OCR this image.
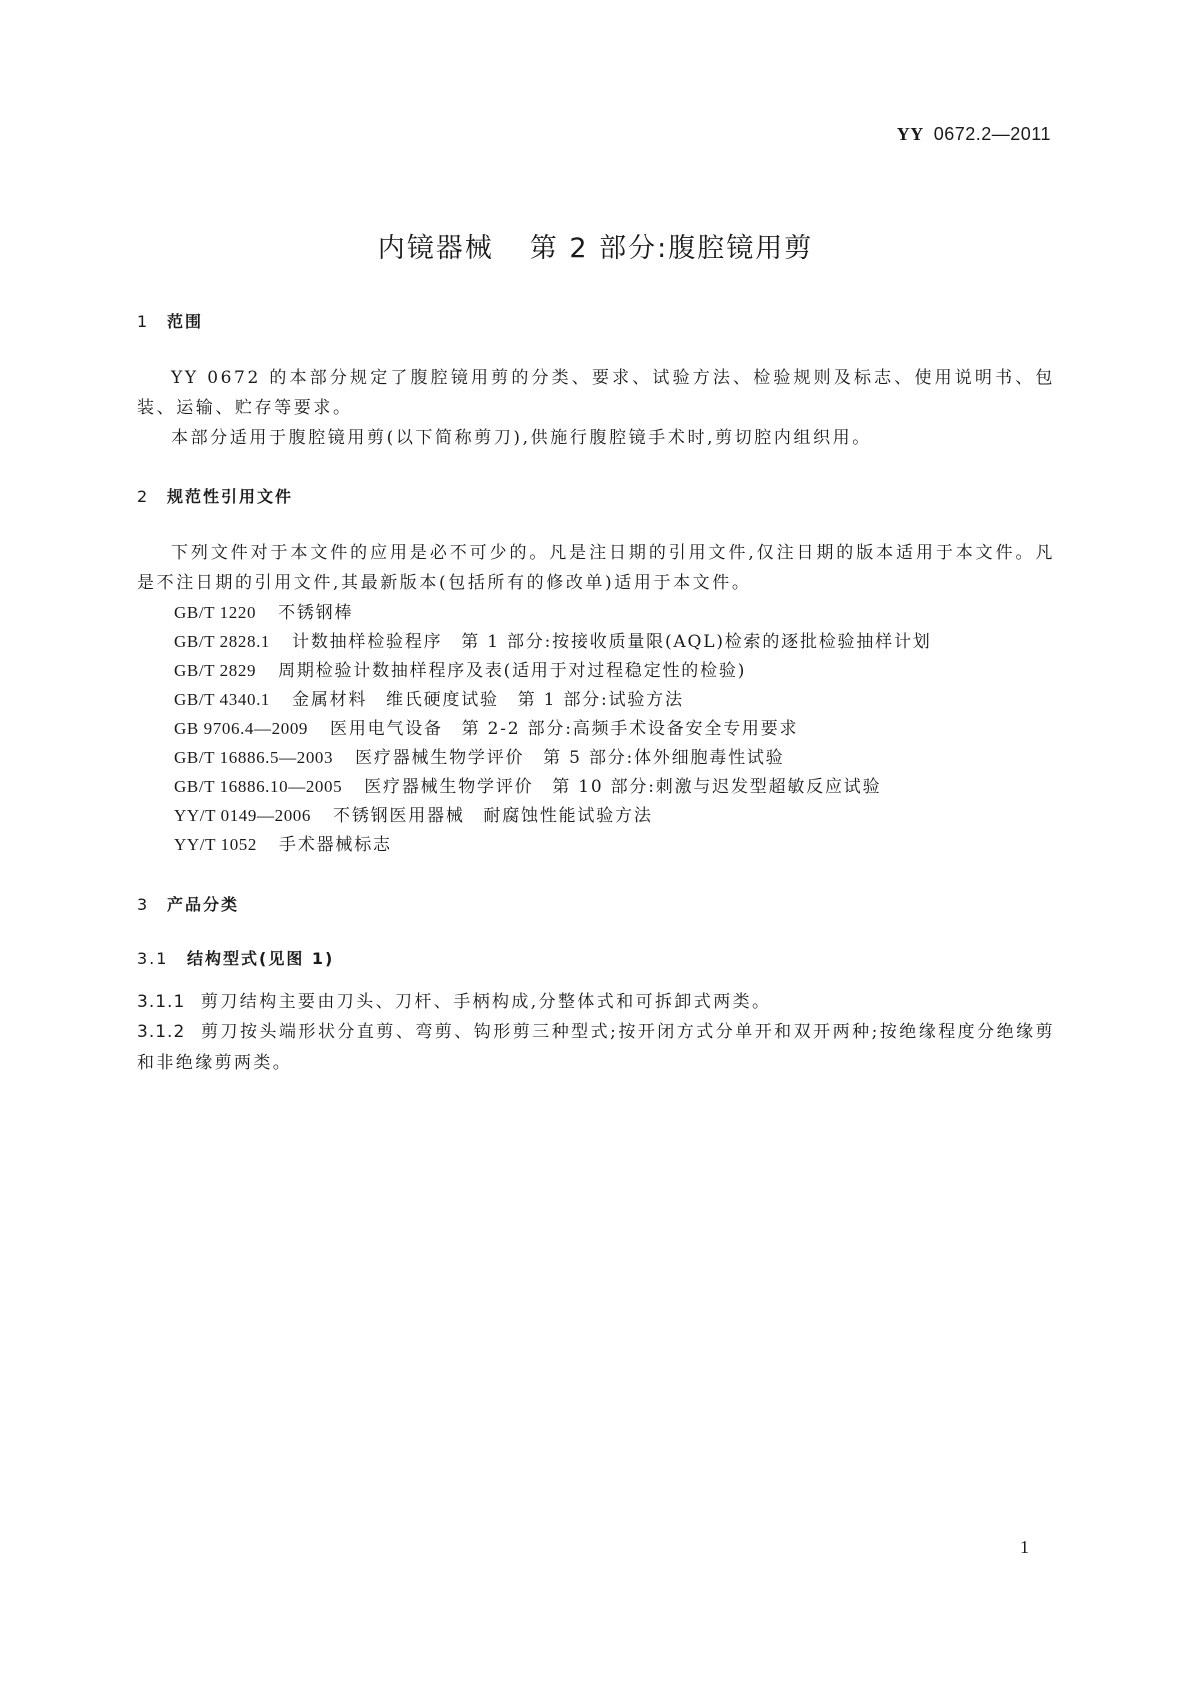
YY 0672.2—2011
内镜器械 第 2 部分:腹腔镜用剪
1 范围
YY 0672 的本部分规定了腹腔镜用剪的分类、要求、试验方法、检验规则及标志、使用说明书、包装、运输、贮存等要求。
本部分适用于腹腔镜用剪(以下简称剪刀),供施行腹腔镜手术时,剪切腔内组织用。
2 规范性引用文件
下列文件对于本文件的应用是必不可少的。凡是注日期的引用文件,仅注日期的版本适用于本文件。凡是不注日期的引用文件,其最新版本(包括所有的修改单)适用于本文件。
GB/T 1220 不锈钢棒
GB/T 2828.1 计数抽样检验程序　第 1 部分:按接收质量限(AQL)检索的逐批检验抽样计划
GB/T 2829 周期检验计数抽样程序及表(适用于对过程稳定性的检验)
GB/T 4340.1 金属材料　维氏硬度试验　第 1 部分:试验方法
GB 9706.4—2009 医用电气设备　第 2-2 部分:高频手术设备安全专用要求
GB/T 16886.5—2003 医疗器械生物学评价　第 5 部分:体外细胞毒性试验
GB/T 16886.10—2005 医疗器械生物学评价　第 10 部分:刺激与迟发型超敏反应试验
YY/T 0149—2006 不锈钢医用器械　耐腐蚀性能试验方法
YY/T 1052 手术器械标志
3 产品分类
3.1 结构型式(见图 1)
3.1.1 剪刀结构主要由刀头、刀杆、手柄构成,分整体式和可拆卸式两类。
3.1.2 剪刀按头端形状分直剪、弯剪、钩形剪三种型式;按开闭方式分单开和双开两种;按绝缘程度分绝缘剪和非绝缘剪两类。
1
